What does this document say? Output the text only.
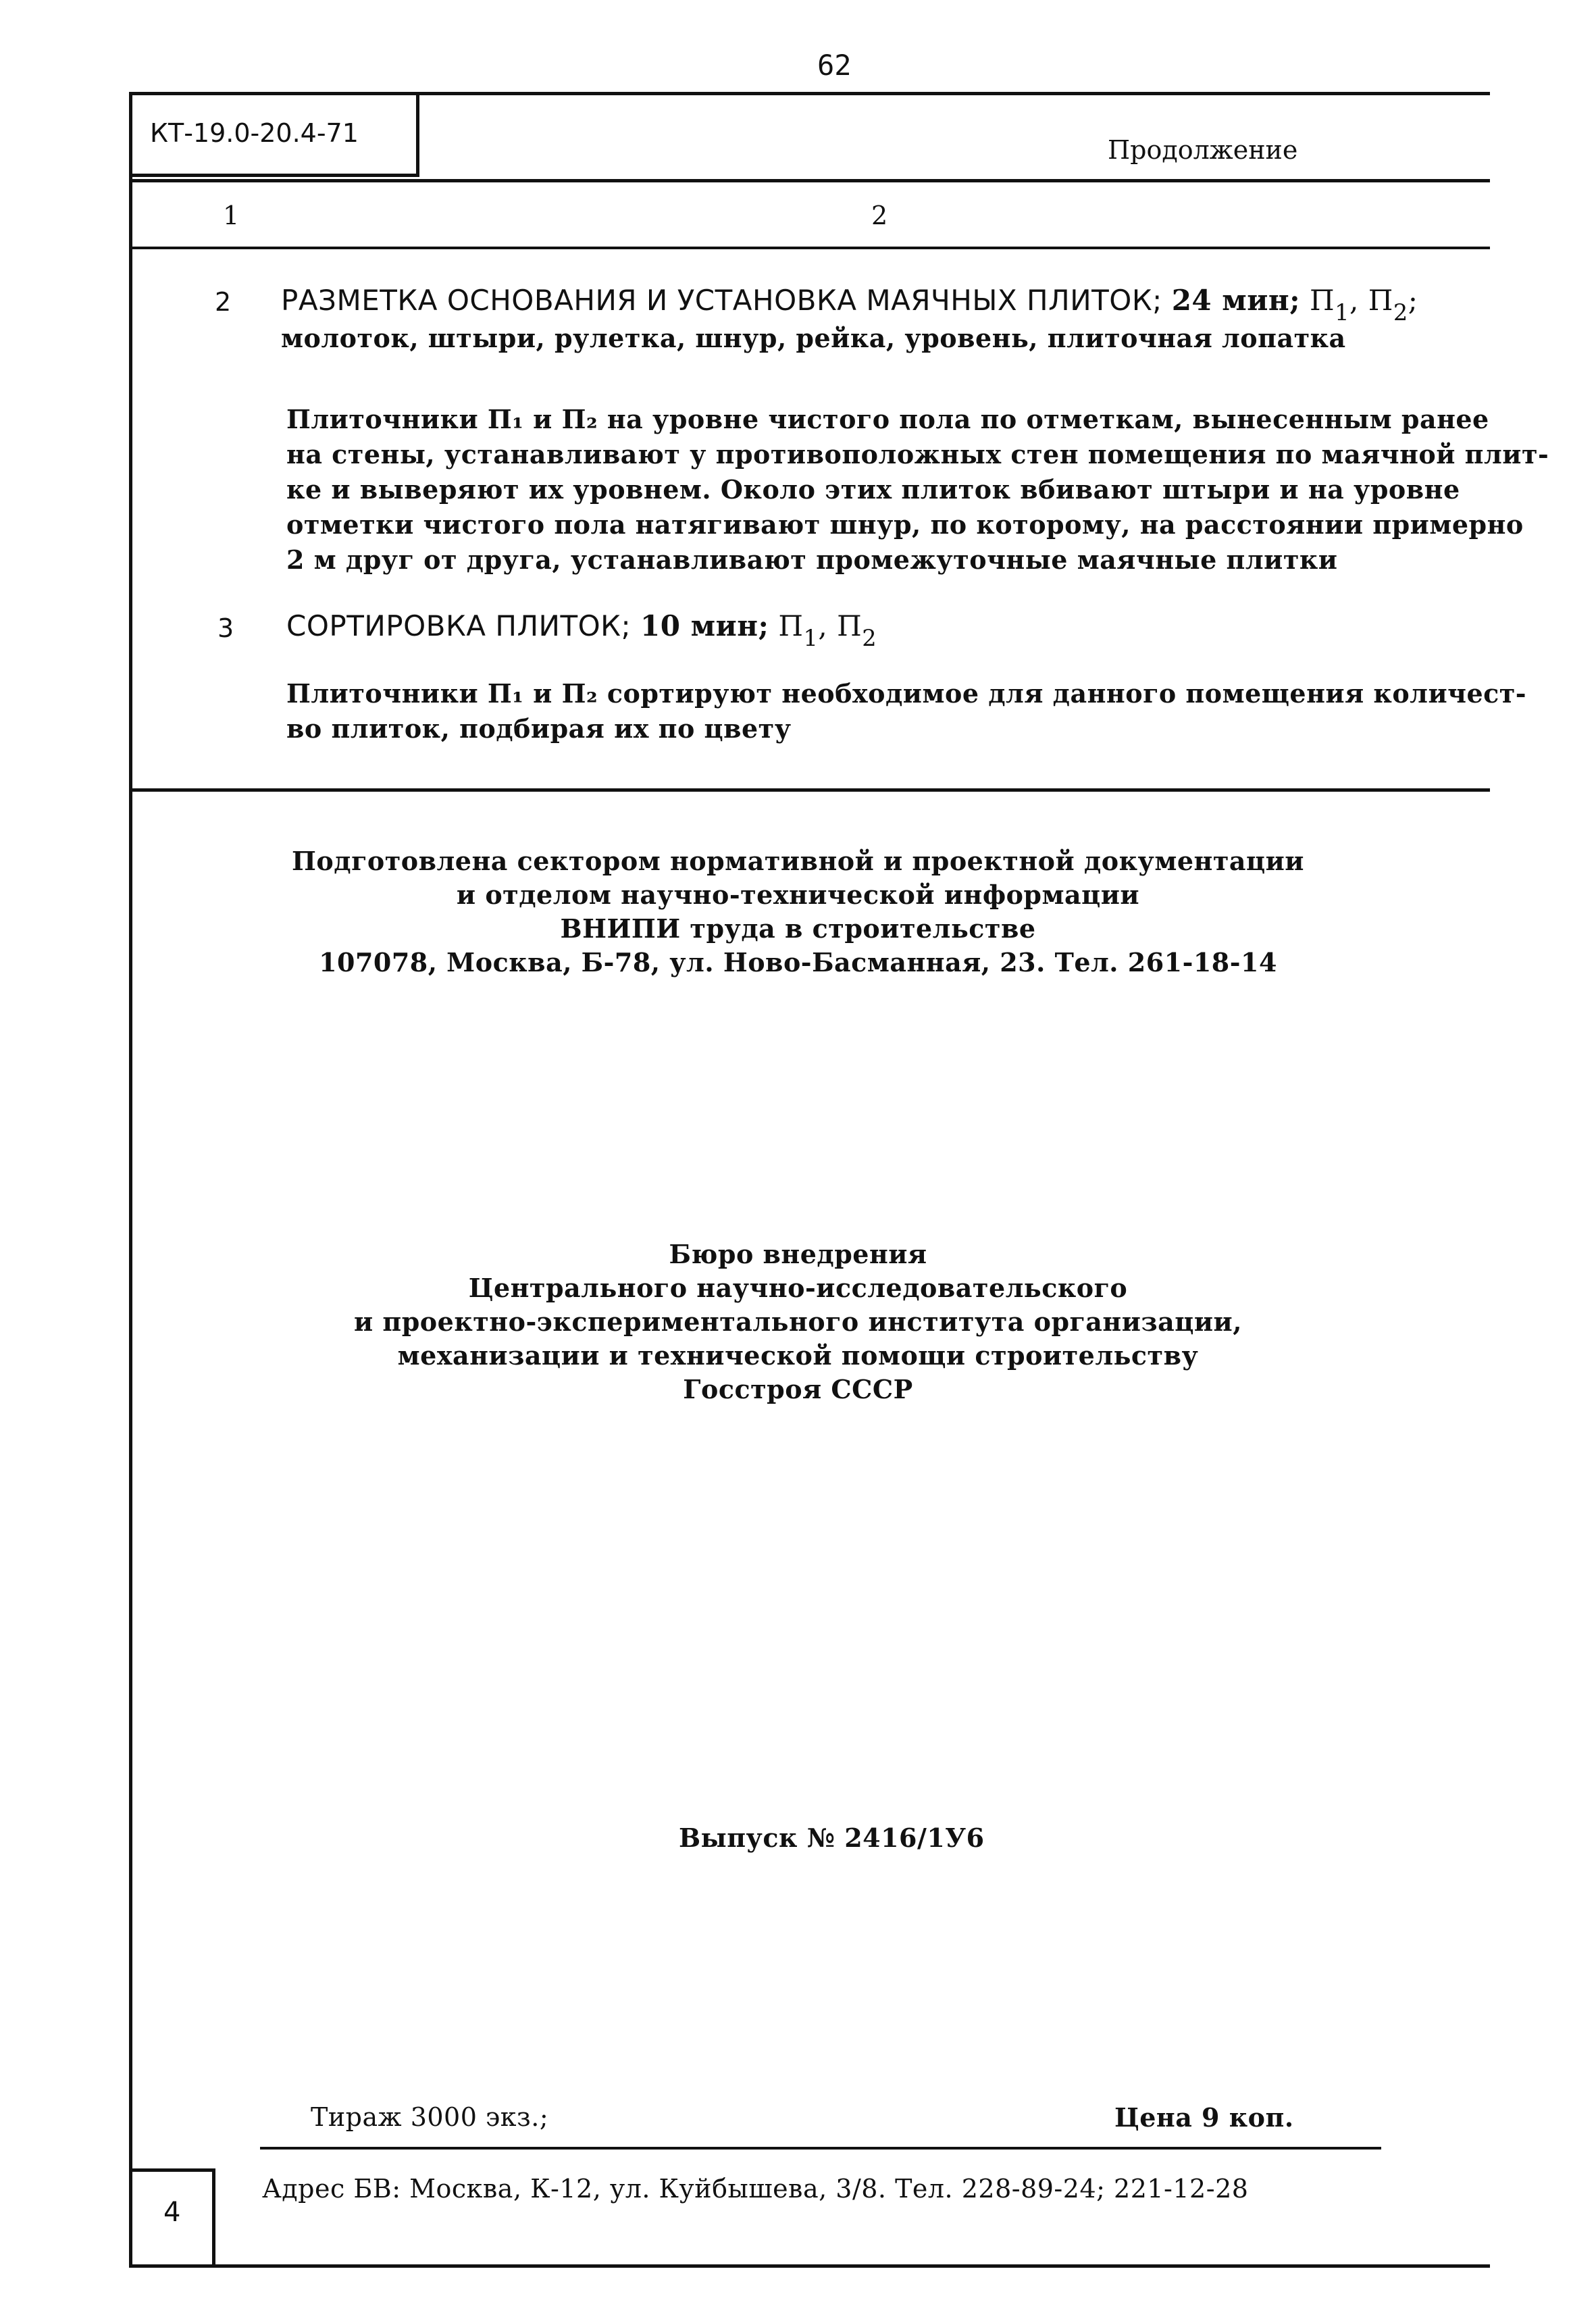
62
КТ-19.0-20.4-71
Продолжение
1	2
2 РАЗМЕТКА ОСНОВАНИЯ И УСТАНОВКА МАЯЧНЫХ ПЛИТОК; 24 мин; $П_1$, $П_2$;
молоток, штыри, рулетка, шнур, рейка, уровень, плиточная лопатка
Плиточники П₁ и П₂ на уровне чистого пола по отметкам, вынесенным ранее
на стены, устанавливают у противоположных стен помещения по маячной плит-
ке и выверяют их уровнем. Около этих плиток вбивают штыри и на уровне
отметки чистого пола натягивают шнур, по которому, на расстоянии примерно
2 м друг от друга, устанавливают промежуточные маячные плитки
3 СОРТИРОВКА ПЛИТОК; 10 мин; $П_1$, $П_2$
Плиточники П₁ и П₂ сортируют необходимое для данного помещения количест-
во плиток, подбирая их по цвету
Подготовлена сектором нормативной и проектной документации
и отделом научно-технической информации
ВНИПИ труда в строительстве
107078, Москва, Б-78, ул. Ново-Басманная, 23. Тел. 261-18-14
Бюро внедрения
Центрального научно-исследовательского
и проектно-экспериментального института организации,
механизации и технической помощи строительству
Госстроя СССР
Выпуск № 2416/1У6
Тираж 3000 экз.;	Цена 9 коп.
Адрес БВ: Москва, К-12, ул. Куйбышева, 3/8. Тел. 228-89-24; 221-12-28
4
